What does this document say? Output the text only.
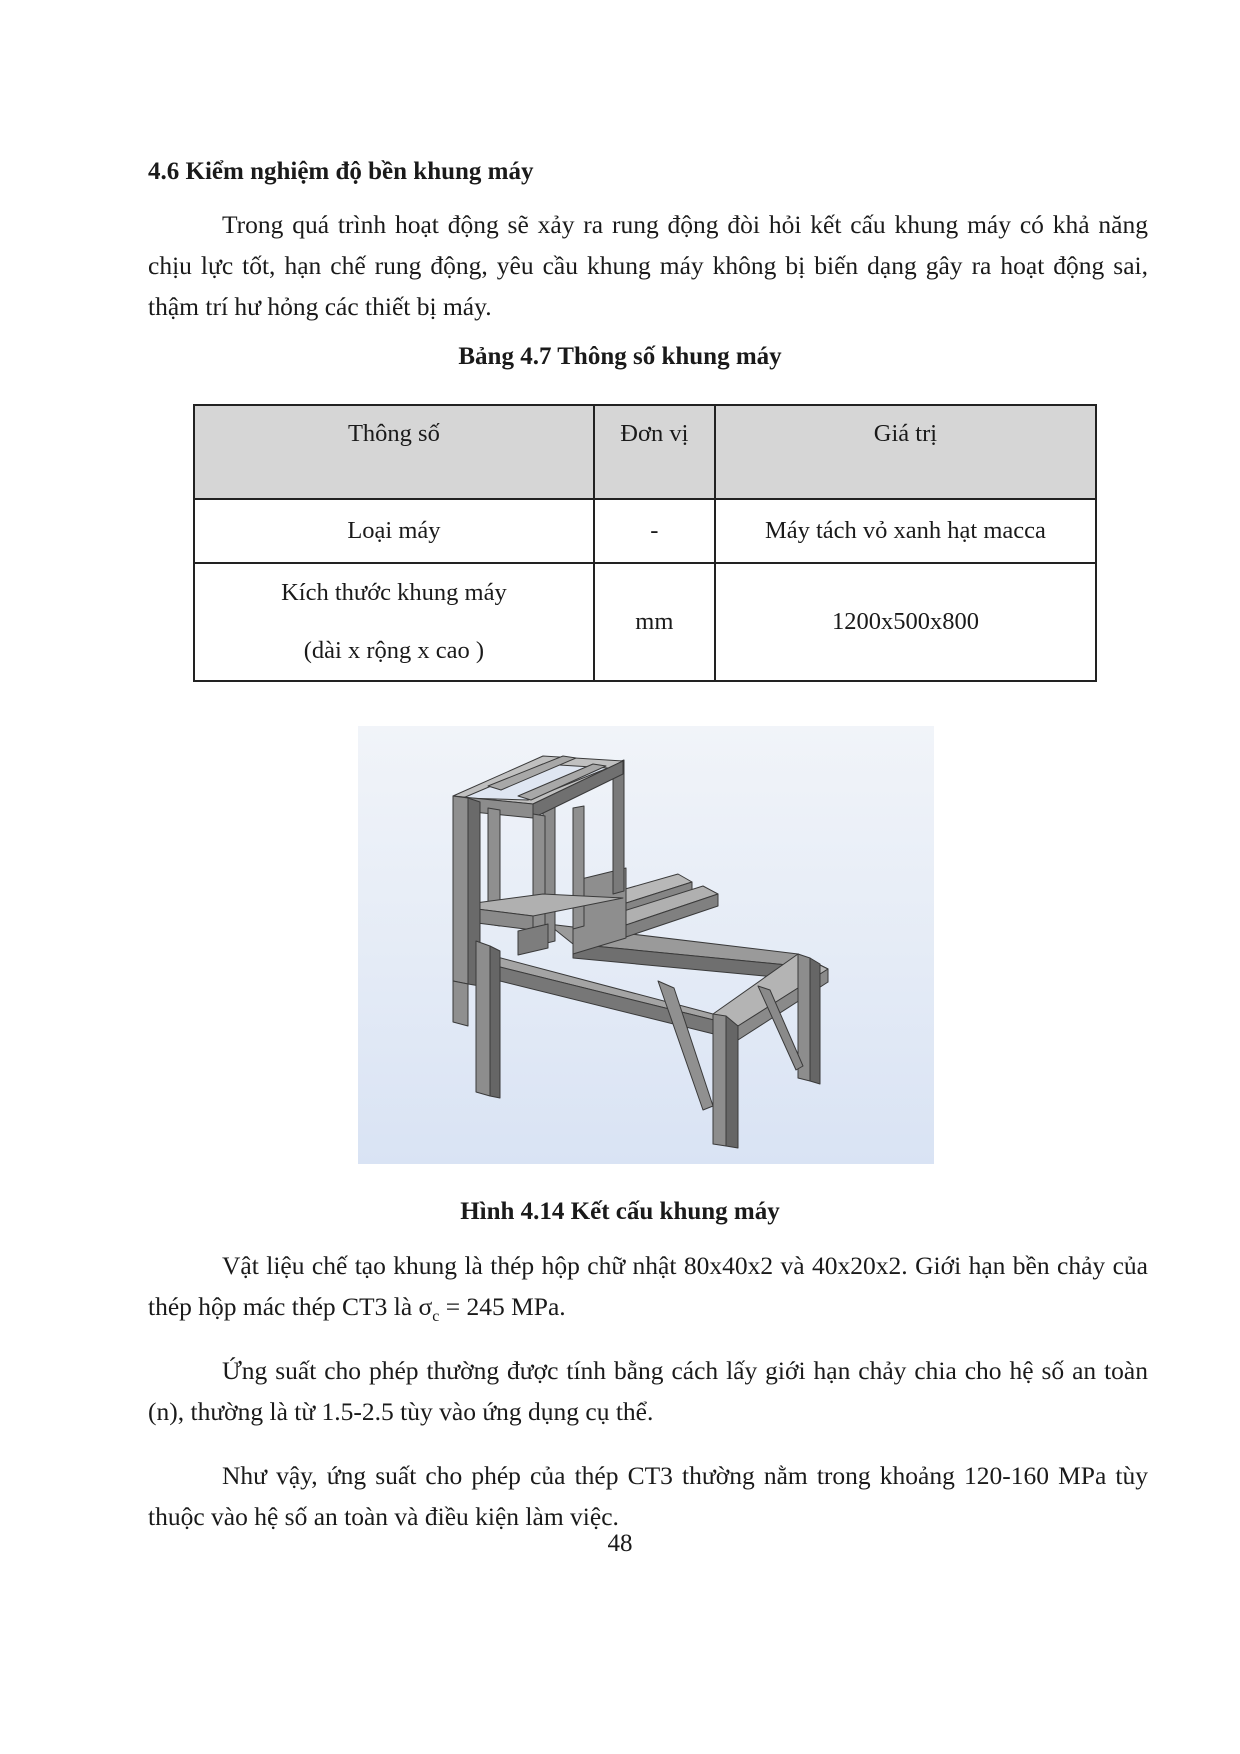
4.6 Kiểm nghiệm độ bền khung máy
Trong quá trình hoạt động sẽ xảy ra rung động đòi hỏi kết cấu khung máy có khả năng chịu lực tốt, hạn chế rung động, yêu cầu khung máy không bị biến dạng gây ra hoạt động sai, thậm trí hư hỏng các thiết bị máy.
Bảng 4.7 Thông số khung máy
Thông số	Đơn vị	Giá trị
Loại máy	-	Máy tách vỏ xanh hạt macca

Kích thước khung máy
(dài x rộng x cao )	mm	1200x500x800
Hình 4.14 Kết cấu khung máy
Vật liệu chế tạo khung là thép hộp chữ nhật 80x40x2 và 40x20x2. Giới hạn bền chảy của thép hộp mác thép CT3 là $\sigma_c = 245$ MPa.
Ứng suất cho phép thường được tính bằng cách lấy giới hạn chảy chia cho hệ số an toàn (n), thường là từ 1.5-2.5 tùy vào ứng dụng cụ thể.
Như vậy, ứng suất cho phép của thép CT3 thường nằm trong khoảng 120-160 MPa tùy thuộc vào hệ số an toàn và điều kiện làm việc.
48
